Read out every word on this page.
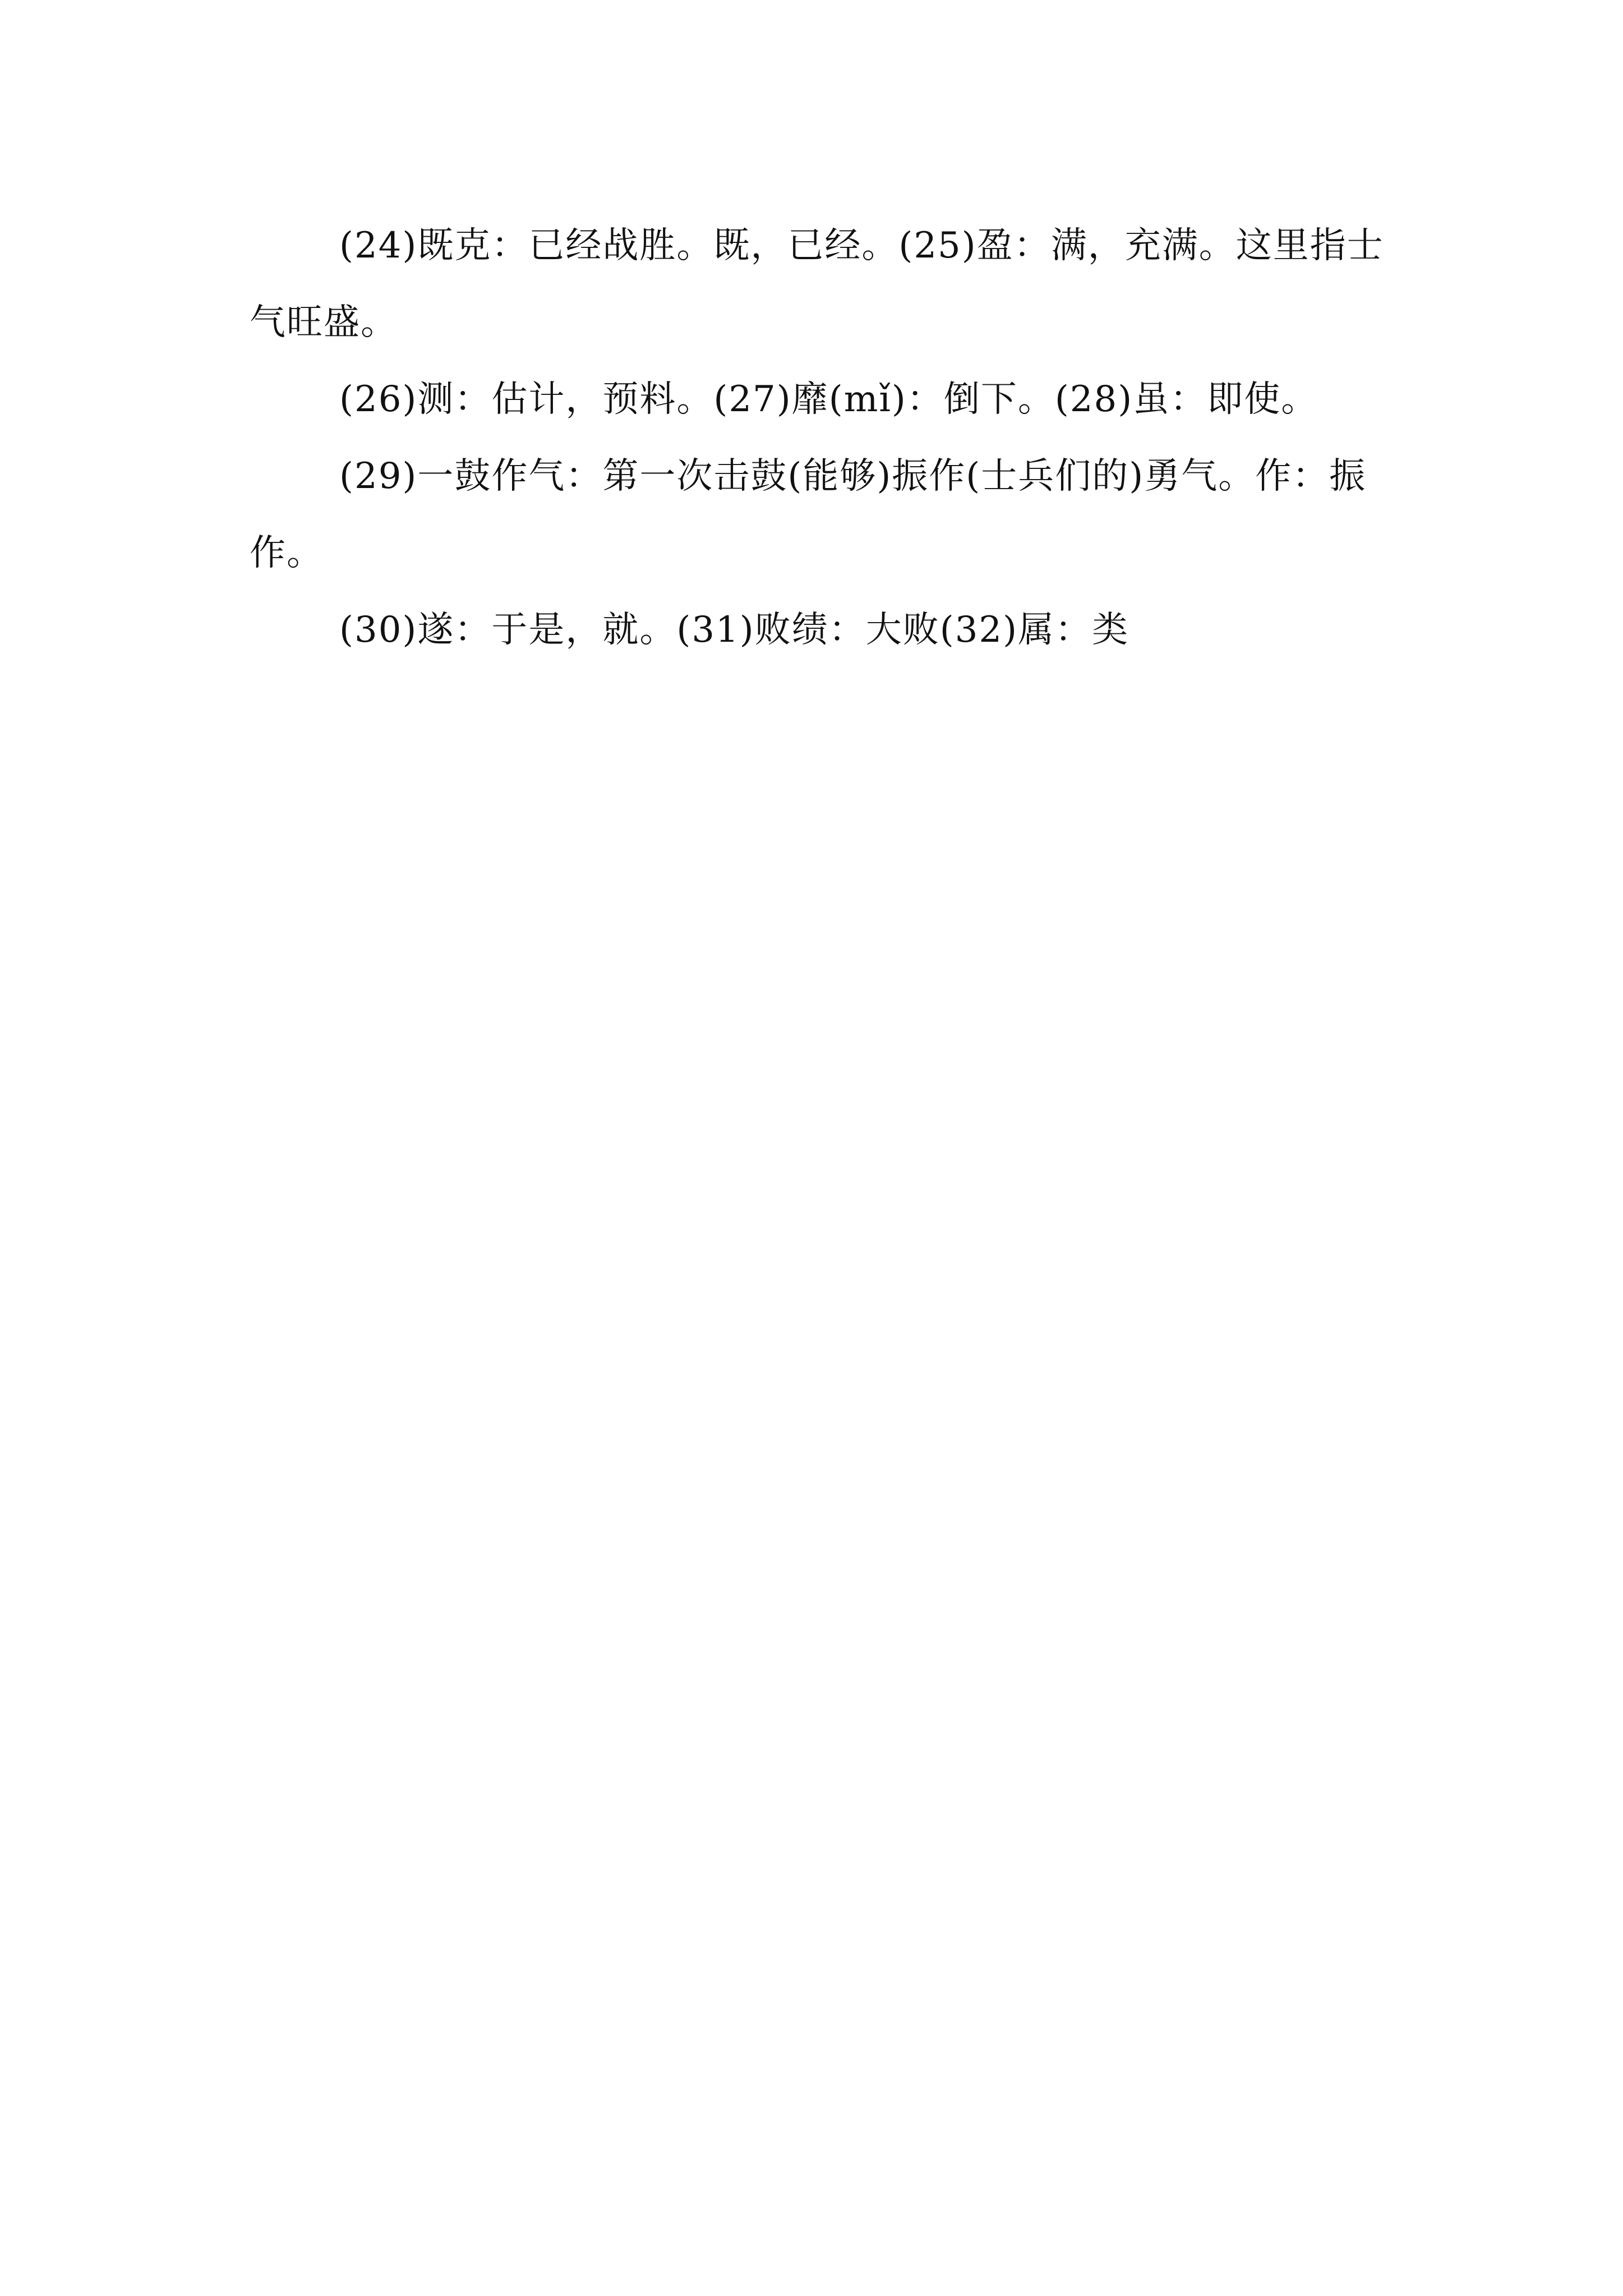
(24)既克：已经战胜。既，已经。(25)盈：满，充满。这里指士气旺盛。

(26)测：估计，预料。(27)靡(mǐ)：倒下。(28)虽：即使。

(29)一鼓作气：第一次击鼓(能够)振作(士兵们的)勇气。作：振作。

(30)遂：于是，就。(31)败绩：大败(32)属：类
